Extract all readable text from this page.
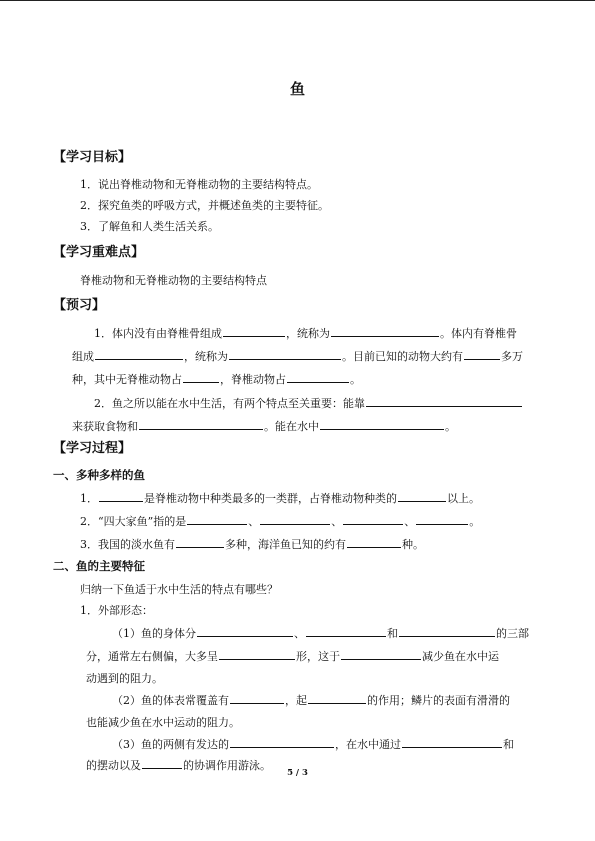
鱼
【学习目标】
1．说出脊椎动物和无脊椎动物的主要结构特点。
2．探究鱼类的呼吸方式，并概述鱼类的主要特征。
3．了解鱼和人类生活关系。
【学习重难点】
脊椎动物和无脊椎动物的主要结构特点
【预习】
1．体内没有由脊椎骨组成	，统称为	。体内有脊椎骨
组成	，统称为	。目前已知的动物大约有	多万
种，其中无脊椎动物占	，脊椎动物占	。
2．鱼之所以能在水中生活，有两个特点至关重要：能靠
来获取食物和	。能在水中	。
【学习过程】
一、多种多样的鱼
1．	是脊椎动物中种类最多的一类群，占脊椎动物种类的	以上。
2．“四大家鱼”指的是	、	、	、	。
3．我国的淡水鱼有	多种，海洋鱼已知的约有	种。
二、鱼的主要特征
归纳一下鱼适于水中生活的特点有哪些？
1．外部形态：
（1）鱼的身体分	、	和	的三部
分，通常左右侧偏，大多呈	形，这于	减少鱼在水中运
动遇到的阻力。
（2）鱼的体表常覆盖有	，起	的作用；鳞片的表面有滑滑的
也能减少鱼在水中运动的阻力。
（3）鱼的两侧有发达的	，在水中通过	和
的摆动以及	的协调作用游泳。
5 / 3
